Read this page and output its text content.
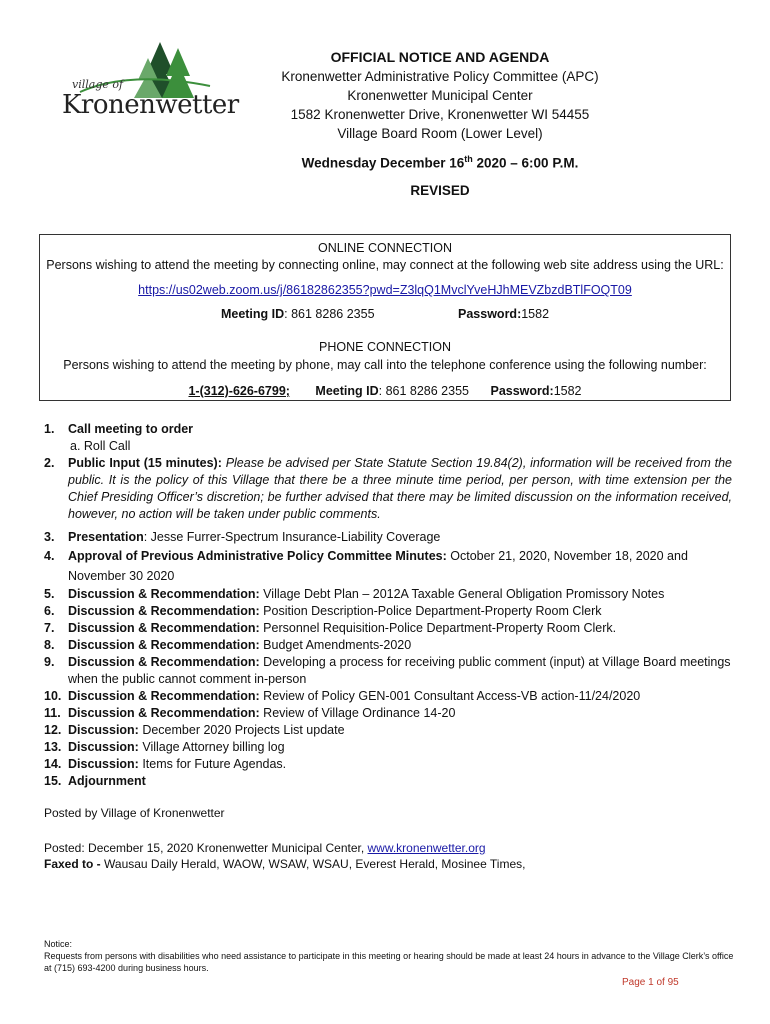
village of
Kronenwetter
OFFICIAL NOTICE AND AGENDA
Kronenwetter Administrative Policy Committee (APC)
Kronenwetter Municipal Center
1582 Kronenwetter Drive, Kronenwetter WI 54455
Village Board Room (Lower Level)
Wednesday December 16th 2020 – 6:00 P.M.
REVISED
ONLINE CONNECTION
Persons wishing to attend the meeting by connecting online, may connect at the following web site address using the URL:
https://us02web.zoom.us/j/86182862355?pwd=Z3lqQ1MvclYveHJhMEVZbzdBTlFOQT09
Meeting ID: 861 8286 2355	Password:1582
PHONE CONNECTION
Persons wishing to attend the meeting by phone, may call into the telephone conference using the following number:
1-(312)-626-6799; Meeting ID: 861 8286 2355 Password:1582
1. Call meeting to order
a. Roll Call
2. Public Input (15 minutes): Please be advised per State Statute Section 19.84(2), information will be received from the public. It is the policy of this Village that there be a three minute time period, per person, with time extension per the Chief Presiding Officer’s discretion; be further advised that there may be limited discussion on the information received, however, no action will be taken under public comments.
3. Presentation: Jesse Furrer-Spectrum Insurance-Liability Coverage
4. Approval of Previous Administrative Policy Committee Minutes: October 21, 2020, November 18, 2020 and November 30 2020
5. Discussion & Recommendation: Village Debt Plan – 2012A Taxable General Obligation Promissory Notes
6. Discussion & Recommendation: Position Description-Police Department-Property Room Clerk
7. Discussion & Recommendation: Personnel Requisition-Police Department-Property Room Clerk.
8. Discussion & Recommendation: Budget Amendments-2020
9. Discussion & Recommendation: Developing a process for receiving public comment (input) at Village Board meetings when the public cannot comment in-person
10. Discussion & Recommendation: Review of Policy GEN-001 Consultant Access-VB action-11/24/2020
11. Discussion & Recommendation: Review of Village Ordinance 14-20
12. Discussion: December 2020 Projects List update
13. Discussion: Village Attorney billing log
14. Discussion: Items for Future Agendas.
15. Adjournment
Posted by Village of Kronenwetter
Posted: December 15, 2020 Kronenwetter Municipal Center, www.kronenwetter.org
Faxed to - Wausau Daily Herald, WAOW, WSAW, WSAU, Everest Herald, Mosinee Times,
Notice:
Requests from persons with disabilities who need assistance to participate in this meeting or hearing should be made at least 24 hours in advance to the Village Clerk’s office at (715) 693-4200 during business hours.
Page 1 of 95
